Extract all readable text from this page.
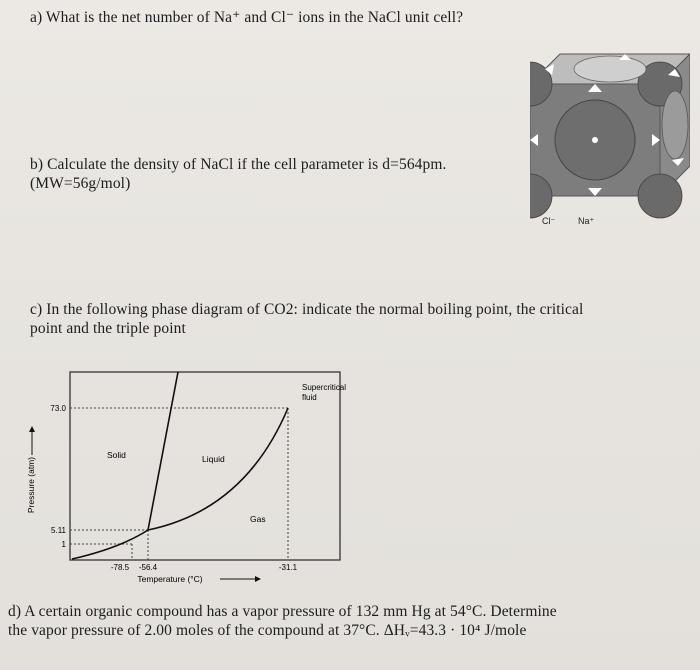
a) What is the net number of Na⁺ and Cl⁻ ions in the NaCl unit cell?
b) Calculate the density of NaCl if the cell parameter is d=564pm.
(MW=56g/mol)
Cl⁻	Na⁺
c) In the following phase diagram of CO2: indicate the normal boiling point, the critical
point and the triple point
73.0
5.11
1
-78.5 -56.4	-31.1
Temperature (°C)
Pressure (atm)
Solid	Liquid
Gas
Supercritical
fluid
d) A certain organic compound has a vapor pressure of 132 mm Hg at 54°C. Determine
the vapor pressure of 2.00 moles of the compound at 37°C. ΔHᵥ=43.3 · 10⁴ J/mole
